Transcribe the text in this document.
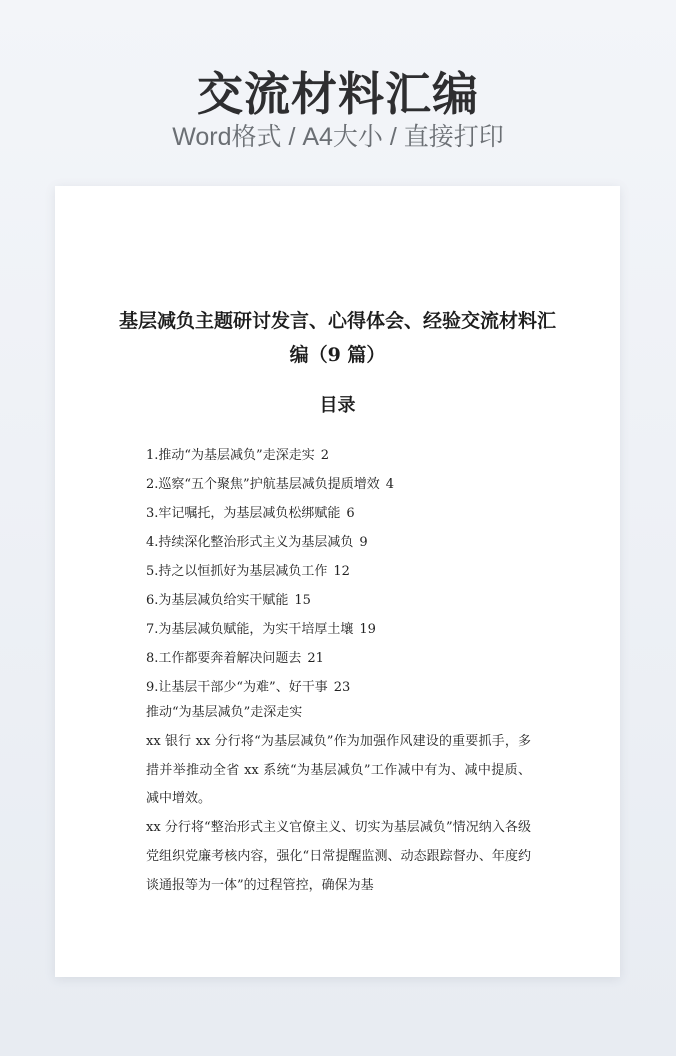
交流材料汇编
Word格式 / A4大小 / 直接打印
基层减负主题研讨发言、心得体会、经验交流材料汇编（9 篇）
目录
1.推动“为基层减负”走深走实 2
2.巡察“五个聚焦”护航基层减负提质增效 4
3.牢记嘱托，为基层减负松绑赋能 6
4.持续深化整治形式主义为基层减负 9
5.持之以恒抓好为基层减负工作 12
6.为基层减负给实干赋能 15
7.为基层减负赋能，为实干培厚土壤 19
8.工作都要奔着解决问题去 21
9.让基层干部少“为难”、好干事 23

推动“为基层减负”走深走实

xx 银行 xx 分行将“为基层减负”作为加强作风建设的重要抓手，多措并举推动全省 xx 系统“为基层减负”工作减中有为、减中提质、减中增效。

xx 分行将“整治形式主义官僚主义、切实为基层减负”情况纳入各级党组织党廉考核内容，强化“日常提醒监测、动态跟踪督办、年度约谈通报等为一体”的过程管控，确保为基
